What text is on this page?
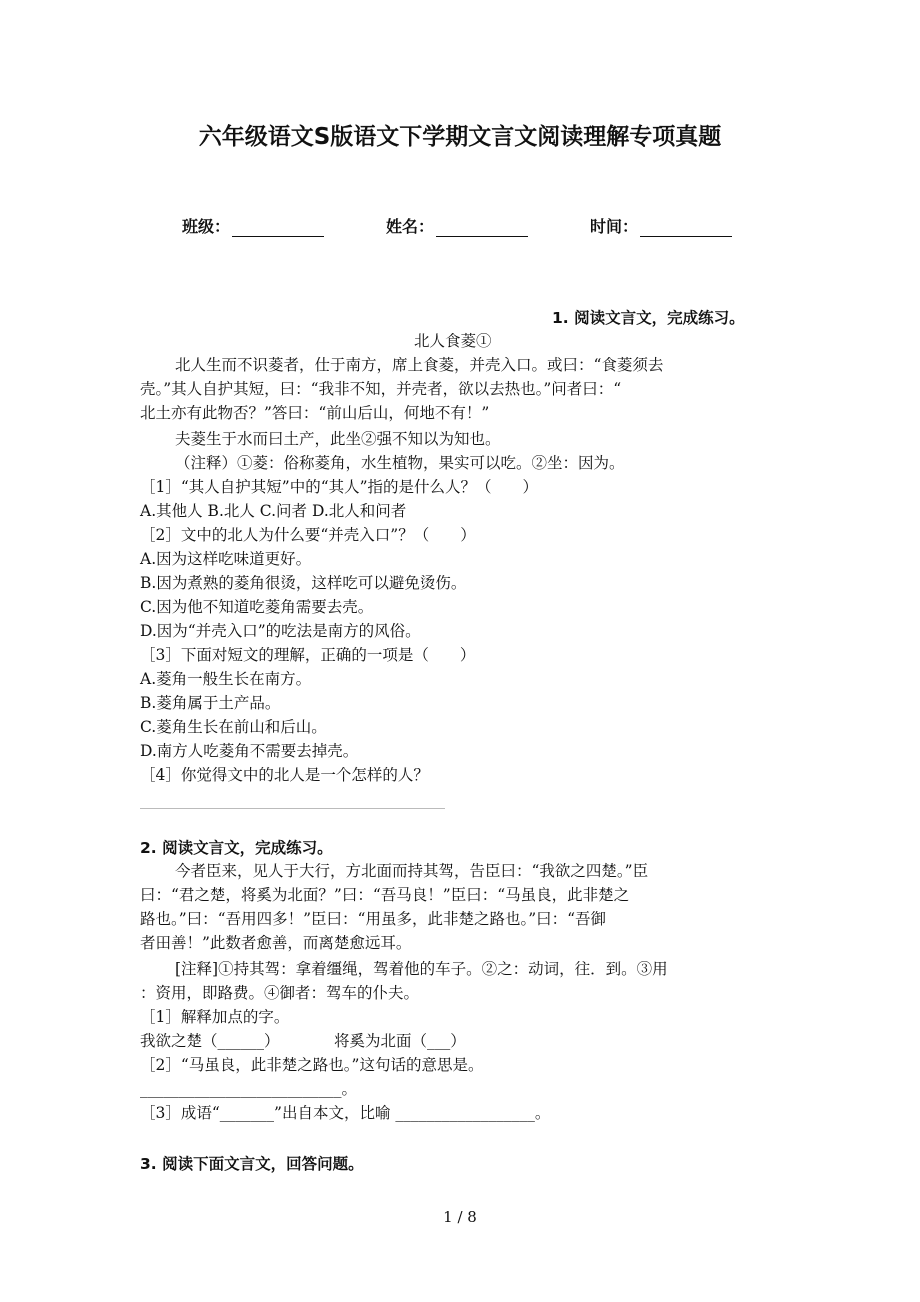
六年级语文S版语文下学期文言文阅读理解专项真题
班级：	姓名：	时间：
1. 阅读文言文，完成练习。
北人食菱①
北人生而不识菱者，仕于南方，席上食菱，并壳入口。或曰：“食菱须去
壳。”其人自护其短，曰：“我非不知，并壳者，欲以去热也。”问者曰：“
北土亦有此物否？”答曰：“前山后山，何地不有！”
夫菱生于水而曰土产，此坐②强不知以为知也。
（注释）①菱：俗称菱角，水生植物，果实可以吃。②坐：因为。
［1］“其人自护其短”中的“其人”指的是什么人？（　　）
A.其他人 B.北人 C.问者 D.北人和问者
［2］文中的北人为什么要“并壳入口”？（　　）
A.因为这样吃味道更好。
B.因为煮熟的菱角很烫，这样吃可以避免烫伤。
C.因为他不知道吃菱角需要去壳。
D.因为“并壳入口”的吃法是南方的风俗。
［3］下面对短文的理解，正确的一项是（　　）
A.菱角一般生长在南方。
B.菱角属于土产品。
C.菱角生长在前山和后山。
D.南方人吃菱角不需要去掉壳。
［4］你觉得文中的北人是一个怎样的人？
2. 阅读文言文，完成练习。
今者臣来，见人于大行，方北面而持其驾，告臣曰：“我欲之四楚。”臣
曰：“君之楚，将奚为北面？”曰：“吾马良！”臣曰：“马虽良，此非楚之
路也。”曰：“吾用四多！”臣曰：“用虽多，此非楚之路也。”曰：“吾御
者田善！”此数者愈善，而离楚愈远耳。
[注释]①持其驾：拿着缰绳，驾着他的车子。②之：动词，往．到。③用
：资用，即路费。④御者：驾车的仆夫。
［1］解释加点的字。
我欲之楚（______）	将奚为北面（___）
［2］“马虽良，此非楚之路也。”这句话的意思是。
__________________________。
［3］成语“_______”出自本文，比喻 __________________。
3. 阅读下面文言文，回答问题。
1 / 8
